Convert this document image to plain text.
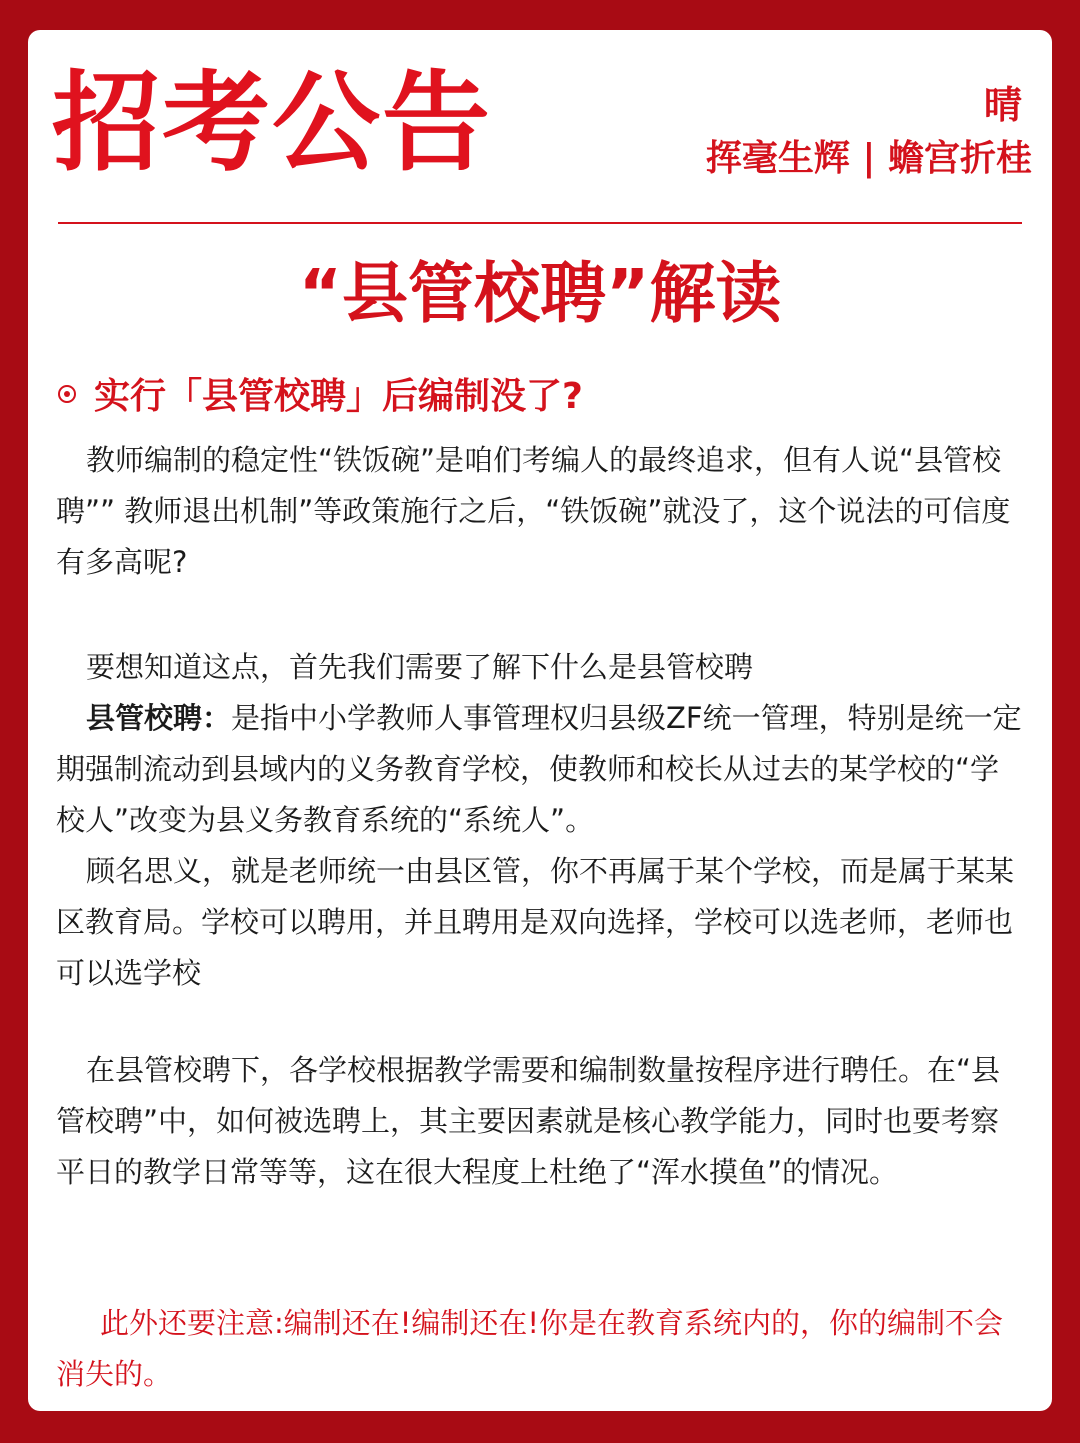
招考公告	晴
挥毫生辉 | 蟾宫折桂
“县管校聘”解读
实行「县管校聘」后编制没了?

教师编制的稳定性“铁饭碗”是咱们考编人的最终追求，但有人说“县管校聘”” 教师退出机制”等政策施行之后，“铁饭碗”就没了，这个说法的可信度有多高呢?

要想知道这点，首先我们需要了解下什么是县管校聘

县管校聘：是指中小学教师人事管理权归县级ZF统一管理，特别是统一定期强制流动到县域内的义务教育学校，使教师和校长从过去的某学校的“学校人”改变为县义务教育系统的“系统人”。

顾名思义，就是老师统一由县区管，你不再属于某个学校，而是属于某某区教育局。学校可以聘用，并且聘用是双向选择，学校可以选老师，老师也可以选学校

在县管校聘下，各学校根据教学需要和编制数量按程序进行聘任。在“县管校聘”中，如何被选聘上，其主要因素就是核心教学能力，同时也要考察平日的教学日常等等，这在很大程度上杜绝了“浑水摸鱼”的情况。

此外还要注意:编制还在!编制还在!你是在教育系统内的，你的编制不会消失的。
